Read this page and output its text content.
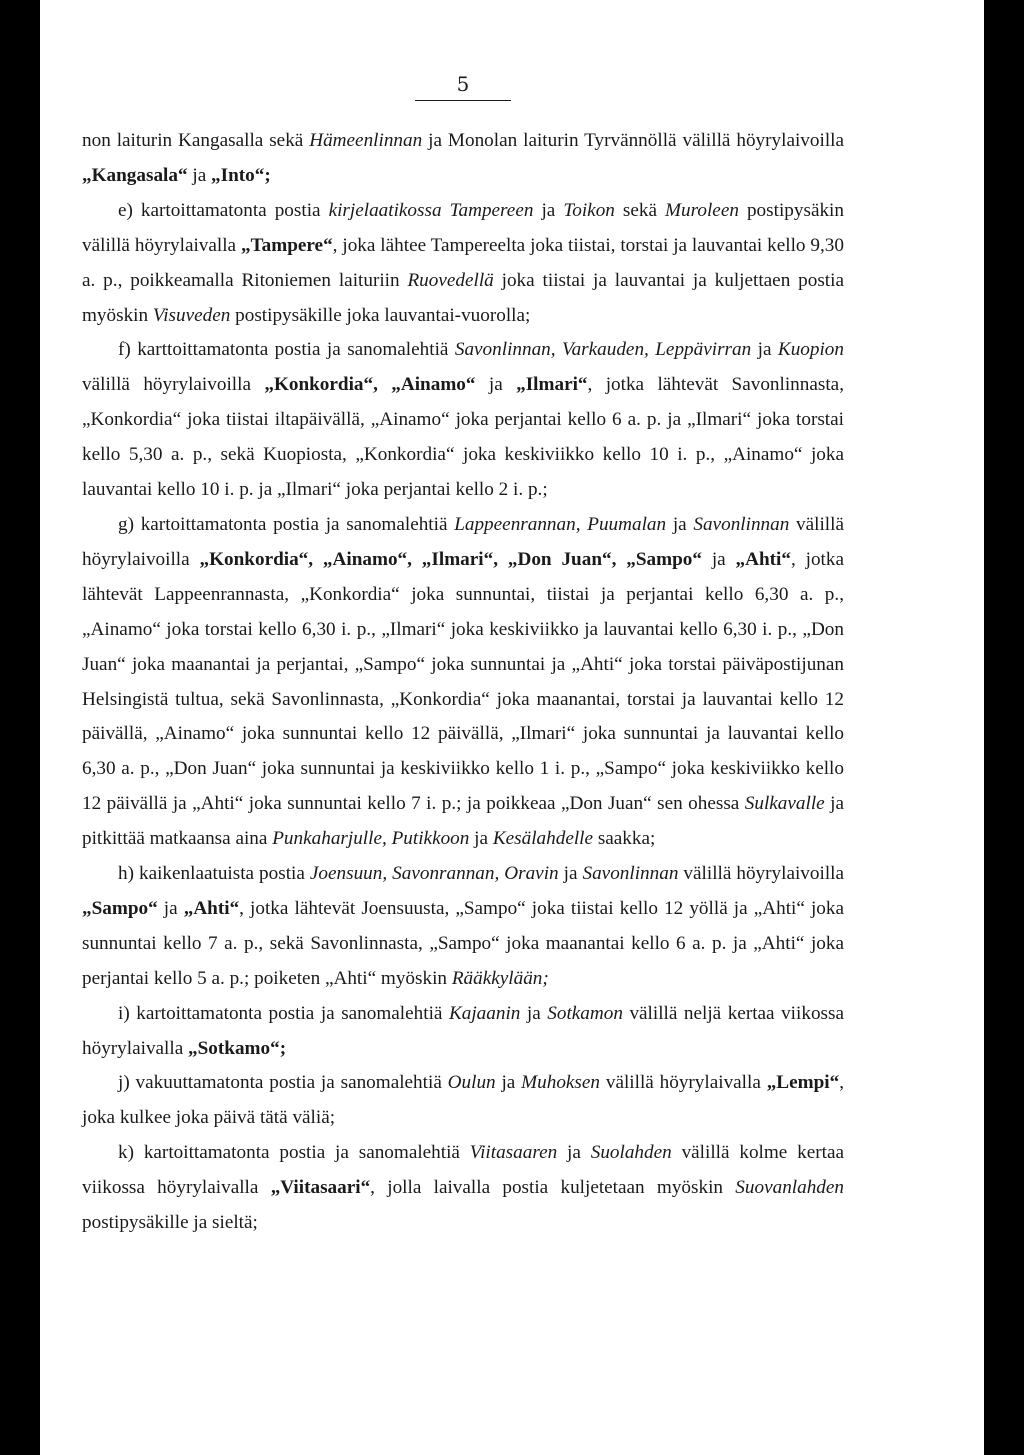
5

non laiturin Kangasalla sekä Hämeenlinnan ja Monolan laiturin Tyrvännöllä välillä höyrylaivoilla „Kangasala“ ja „Into“;

e) kartoittamatonta postia kirjelaatikossa Tampereen ja Toikon sekä Muroleen postipysäkin välillä höyrylaivalla „Tampere“, joka lähtee Tampereelta joka tiistai, torstai ja lauvantai kello 9,30 a. p., poikkeamalla Ritoniemen laituriin Ruovedellä joka tiistai ja lauvantai ja kuljettaen postia myöskin Visuveden postipysäkille joka lauvantai-vuorolla;

f) karttoittamatonta postia ja sanomalehtiä Savonlinnan, Varkauden, Leppävirran ja Kuopion välillä höyrylaivoilla „Konkordia“, „Ainamo“ ja „Ilmari“, jotka lähtevät Savonlinnasta, „Konkordia“ joka tiistai iltapäivällä, „Ainamo“ joka perjantai kello 6 a. p. ja „Ilmari“ joka torstai kello 5,30 a. p., sekä Kuopiosta, „Konkordia“ joka keskiviikko kello 10 i. p., „Ainamo“ joka lauvantai kello 10 i. p. ja „Ilmari“ joka perjantai kello 2 i. p.;

g) kartoittamatonta postia ja sanomalehtiä Lappeenrannan, Puumalan ja Savonlinnan välillä höyrylaivoilla „Konkordia“, „Ainamo“, „Ilmari“, „Don Juan“, „Sampo“ ja „Ahti“, jotka lähtevät Lappeenrannasta, „Konkordia“ joka sunnuntai, tiistai ja perjantai kello 6,30 a. p., „Ainamo“ joka torstai kello 6,30 i. p., „Ilmari“ joka keskiviikko ja lauvantai kello 6,30 i. p., „Don Juan“ joka maanantai ja perjantai, „Sampo“ joka sunnuntai ja „Ahti“ joka torstai päiväpostijunan Helsingistä tultua, sekä Savonlinnasta, „Konkordia“ joka maanantai, torstai ja lauvantai kello 12 päivällä, „Ainamo“ joka sunnuntai kello 12 päivällä, „Ilmari“ joka sunnuntai ja lauvantai kello 6,30 a. p., „Don Juan“ joka sunnuntai ja keskiviikko kello 1 i. p., „Sampo“ joka keskiviikko kello 12 päivällä ja „Ahti“ joka sunnuntai kello 7 i. p.; ja poikkeaa „Don Juan“ sen ohessa Sulkavalle ja pitkittää matkaansa aina Punkaharjulle, Putikkoon ja Kesälahdelle saakka;

h) kaikenlaatuista postia Joensuun, Savonrannan, Oravin ja Savonlinnan välillä höyrylaivoilla „Sampo“ ja „Ahti“, jotka lähtevät Joensuusta, „Sampo“ joka tiistai kello 12 yöllä ja „Ahti“ joka sunnuntai kello 7 a. p., sekä Savonlinnasta, „Sampo“ joka maanantai kello 6 a. p. ja „Ahti“ joka perjantai kello 5 a. p.; poiketen „Ahti“ myöskin Rääkkylään;

i) kartoittamatonta postia ja sanomalehtiä Kajaanin ja Sotkamon välillä neljä kertaa viikossa höyrylaivalla „Sotkamo“;

j) vakuuttamatonta postia ja sanomalehtiä Oulun ja Muhoksen välillä höyrylaivalla „Lempi“, joka kulkee joka päivä tätä väliä;

k) kartoittamatonta postia ja sanomalehtiä Viitasaaren ja Suolahden välillä kolme kertaa viikossa höyrylaivalla „Viitasaari“, jolla laivalla postia kuljetetaan myöskin Suovanlahden postipysäkille ja sieltä;
